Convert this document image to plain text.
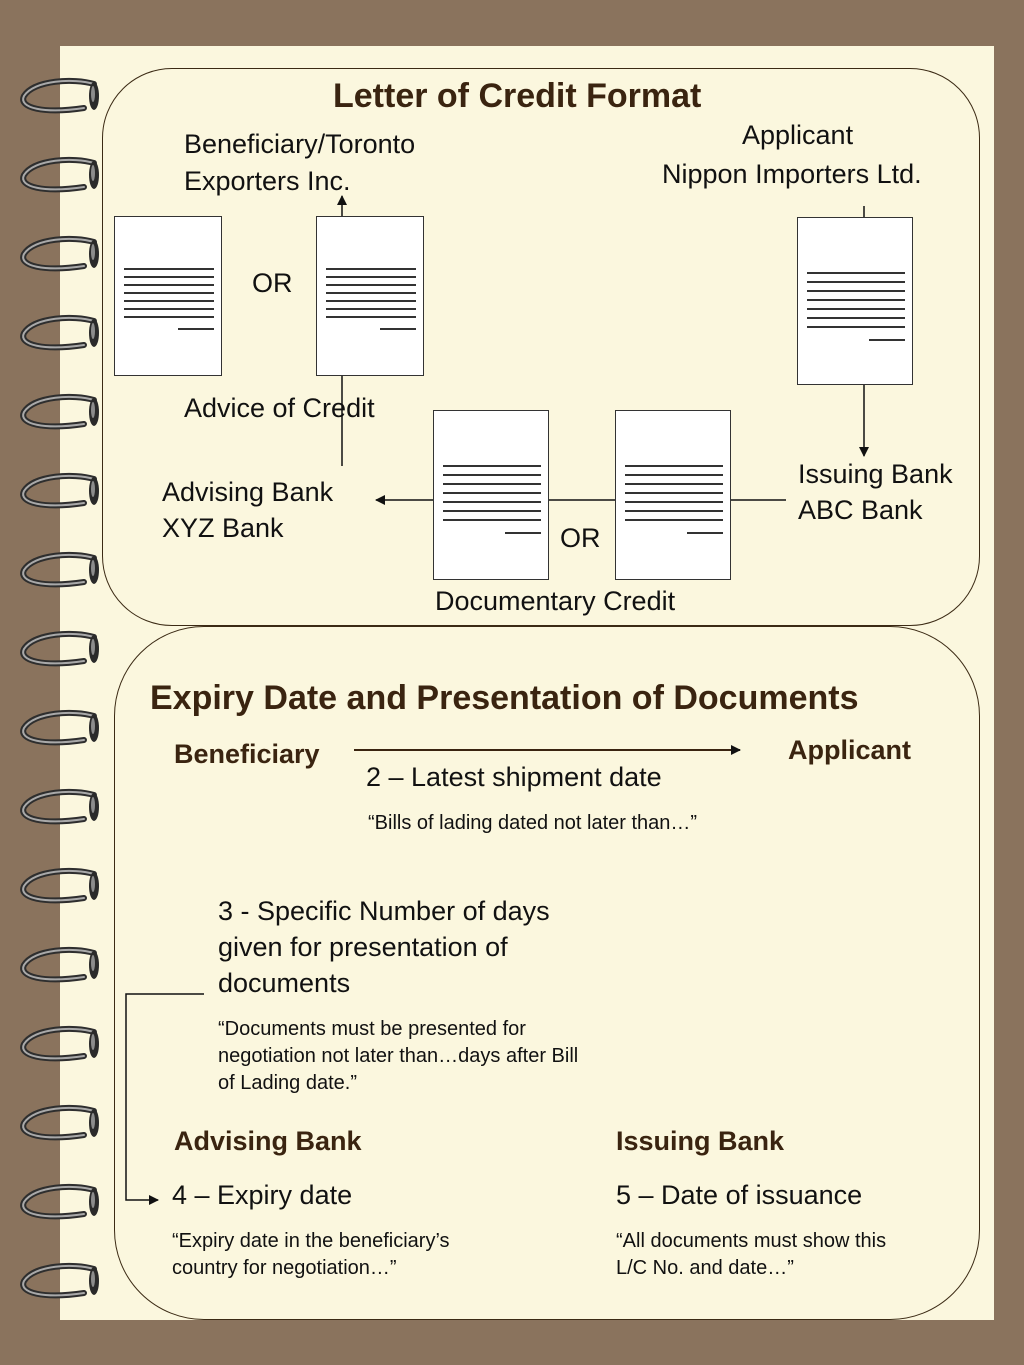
Letter of Credit Format
Beneficiary/Toronto
Exporters Inc.
Applicant
Nippon Importers Ltd.
OR
Advice of Credit
Advising Bank
XYZ Bank
Issuing Bank
ABC Bank
OR
Documentary Credit
Expiry Date and Presentation of Documents
Beneficiary	Applicant
2 – Latest shipment date
“Bills of lading dated not later than…”
3 - Specific Number of days
given for presentation of
documents
“Documents must be presented for
negotiation not later than…days after Bill
of Lading date.”
Advising Bank	Issuing Bank
4 – Expiry date	5 – Date of issuance
“Expiry date in the beneficiary’s
country for negotiation…”
“All documents must show this
L/C No. and date…”
